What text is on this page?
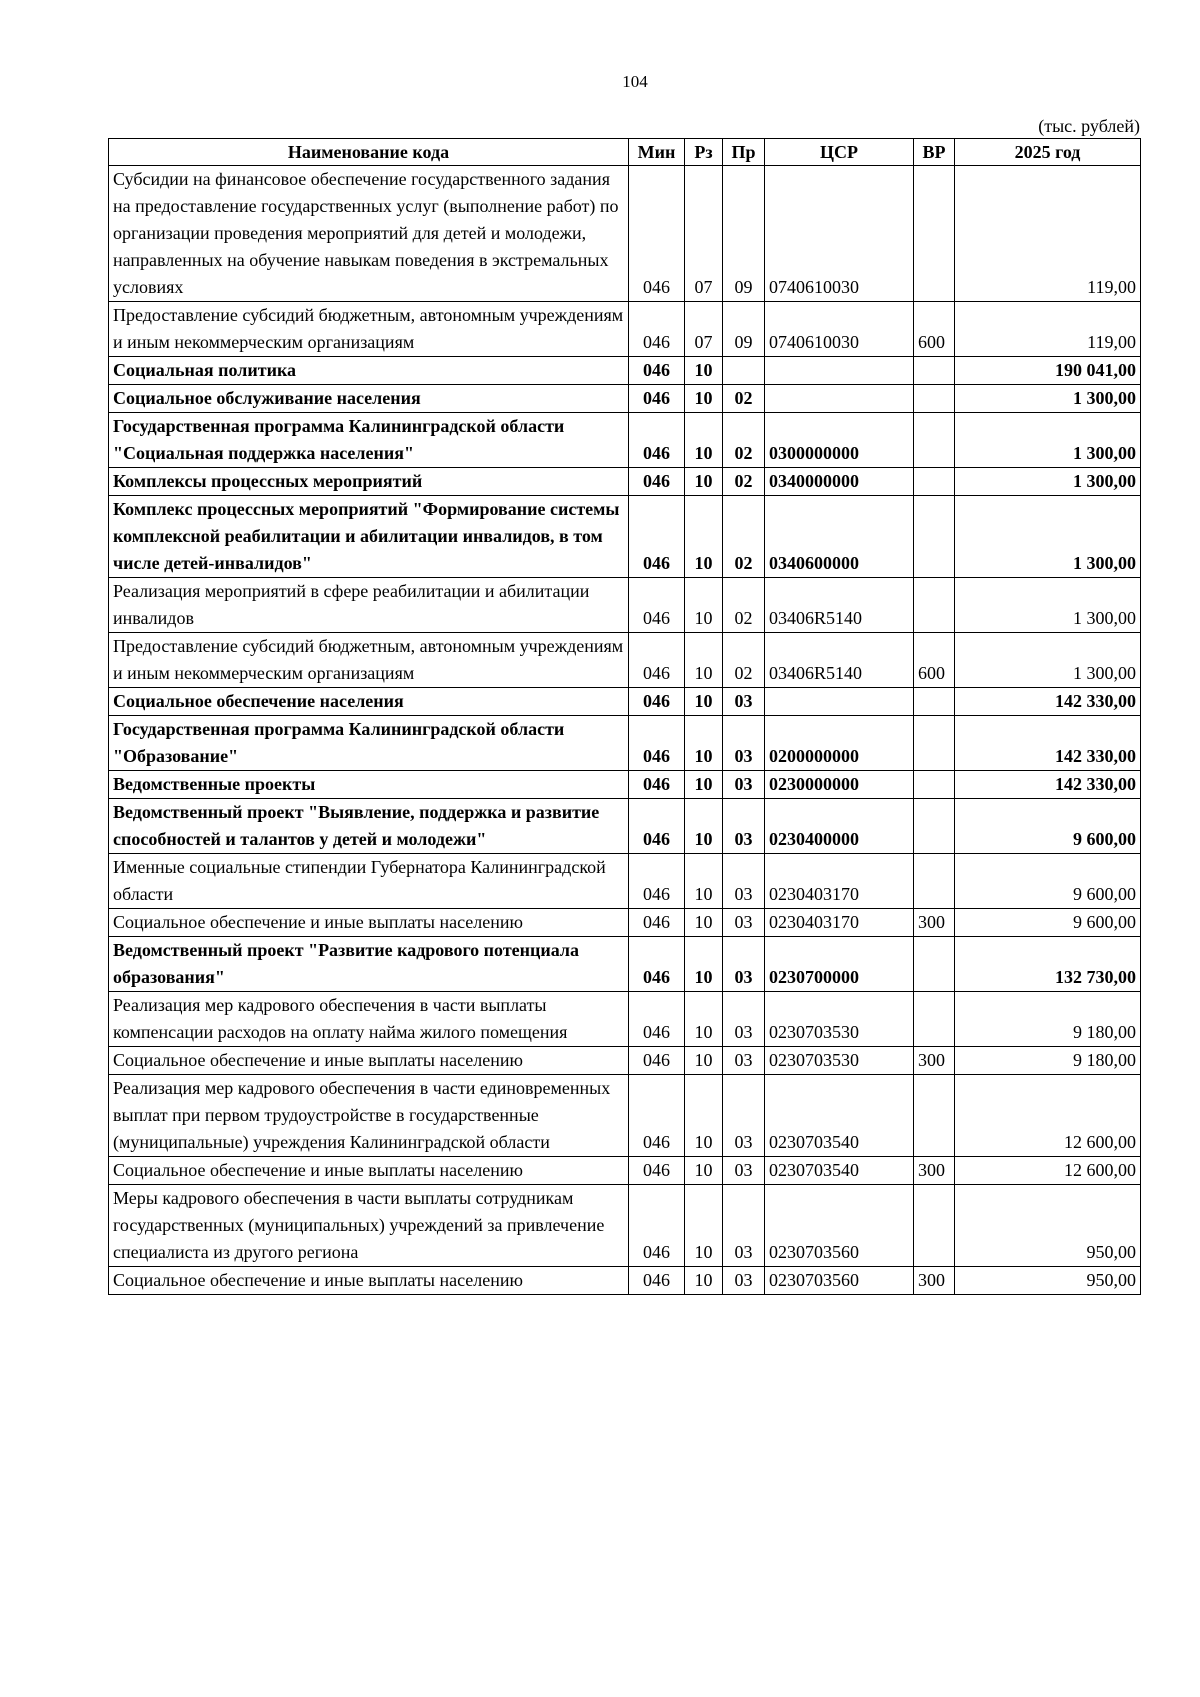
104
(тыс. рублей)
Наименование кода	Мин	Рз	Пр	ЦСР	ВР	2025 год
Субсидии на финансовое обеспечение государственного задания на предоставление государственных услуг (выполнение работ) по организации проведения мероприятий для детей и молодежи, направленных на обучение навыкам поведения в экстремальных условиях	046	07	09	0740610030		119,00
Предоставление субсидий бюджетным, автономным учреждениям и иным некоммерческим организациям	046	07	09	0740610030	600	119,00
Социальная политика	046	10				190 041,00
Социальное обслуживание населения	046	10	02			1 300,00
Государственная программа Калининградской области "Социальная поддержка населения"	046	10	02	0300000000		1 300,00
Комплексы процессных мероприятий	046	10	02	0340000000		1 300,00
Комплекс процессных мероприятий "Формирование системы комплексной реабилитации и абилитации инвалидов, в том числе детей-инвалидов"	046	10	02	0340600000		1 300,00
Реализация мероприятий в сфере реабилитации и абилитации инвалидов	046	10	02	03406R5140		1 300,00
Предоставление субсидий бюджетным, автономным учреждениям и иным некоммерческим организациям	046	10	02	03406R5140	600	1 300,00
Социальное обеспечение населения	046	10	03			142 330,00
Государственная программа Калининградской области "Образование"	046	10	03	0200000000		142 330,00
Ведомственные проекты	046	10	03	0230000000		142 330,00
Ведомственный проект "Выявление, поддержка и развитие способностей и талантов у детей и молодежи"	046	10	03	0230400000		9 600,00
Именные социальные стипендии Губернатора Калининградской области	046	10	03	0230403170		9 600,00
Социальное обеспечение и иные выплаты населению	046	10	03	0230403170	300	9 600,00
Ведомственный проект "Развитие кадрового потенциала образования"	046	10	03	0230700000		132 730,00
Реализация мер кадрового обеспечения в части выплаты компенсации расходов на оплату найма жилого помещения	046	10	03	0230703530		9 180,00
Социальное обеспечение и иные выплаты населению	046	10	03	0230703530	300	9 180,00
Реализация мер кадрового обеспечения в части единовременных выплат при первом трудоустройстве в государственные (муниципальные) учреждения Калининградской области	046	10	03	0230703540		12 600,00
Социальное обеспечение и иные выплаты населению	046	10	03	0230703540	300	12 600,00
Меры кадрового обеспечения в части выплаты сотрудникам государственных (муниципальных) учреждений за привлечение специалиста из другого региона	046	10	03	0230703560		950,00
Социальное обеспечение и иные выплаты населению	046	10	03	0230703560	300	950,00
